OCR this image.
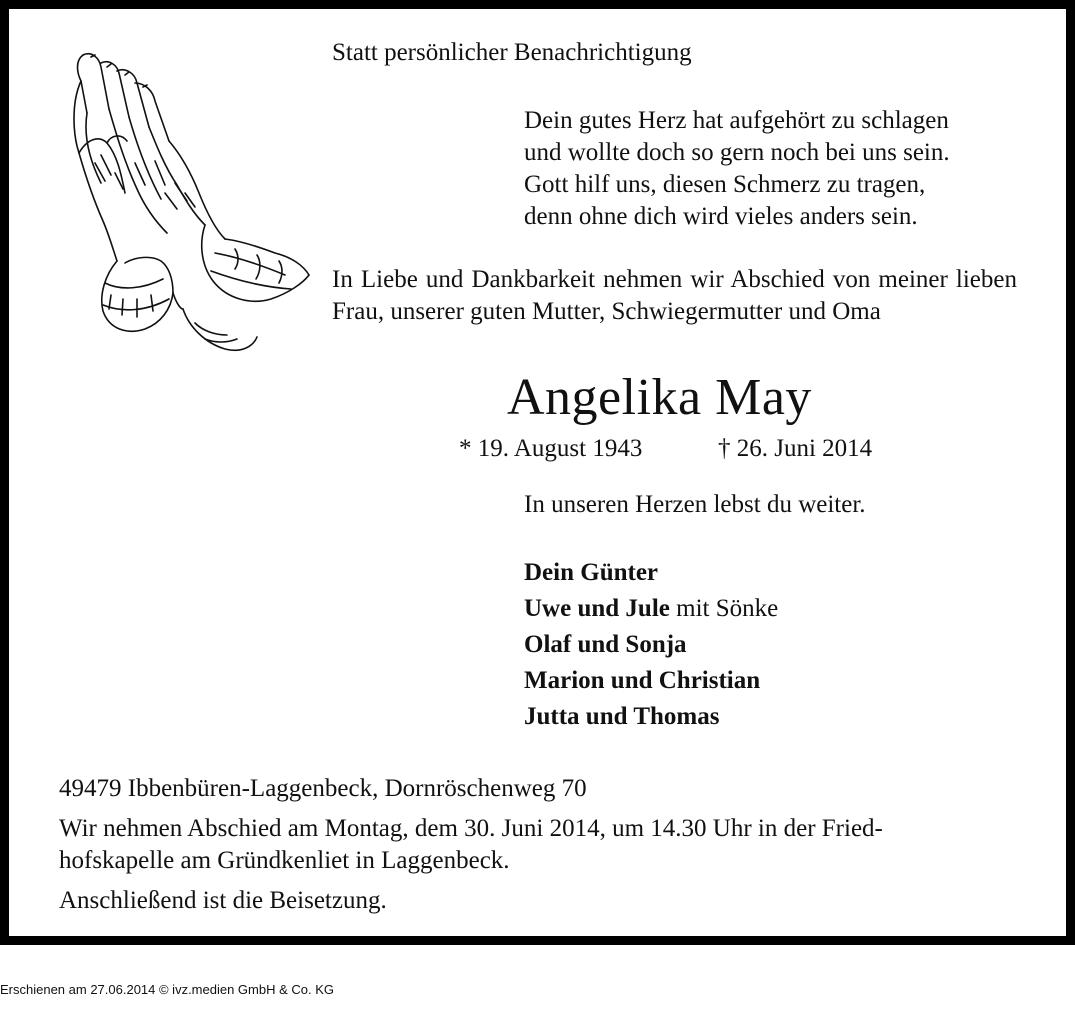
Statt persönlicher Benachrichtigung
Dein gutes Herz hat aufgehört zu schlagen
und wollte doch so gern noch bei uns sein.
Gott hilf uns, diesen Schmerz zu tragen,
denn ohne dich wird vieles anders sein.
In Liebe und Dankbarkeit nehmen wir Abschied von meiner lieben Frau, unserer guten Mutter, Schwiegermutter und Oma
Angelika May
* 19. August 1943	† 26. Juni 2014
In unseren Herzen lebst du weiter.
Dein Günter
Uwe und Jule mit Sönke
Olaf und Sonja
Marion und Christian
Jutta und Thomas
49479 Ibbenbüren-Laggenbeck, Dornröschenweg 70
Wir nehmen Abschied am Montag, dem 30. Juni 2014, um 14.30 Uhr in der Fried-
hofskapelle am Gründkenliet in Laggenbeck.
Anschließend ist die Beisetzung.
Erschienen am 27.06.2014 © ivz.medien GmbH & Co. KG
